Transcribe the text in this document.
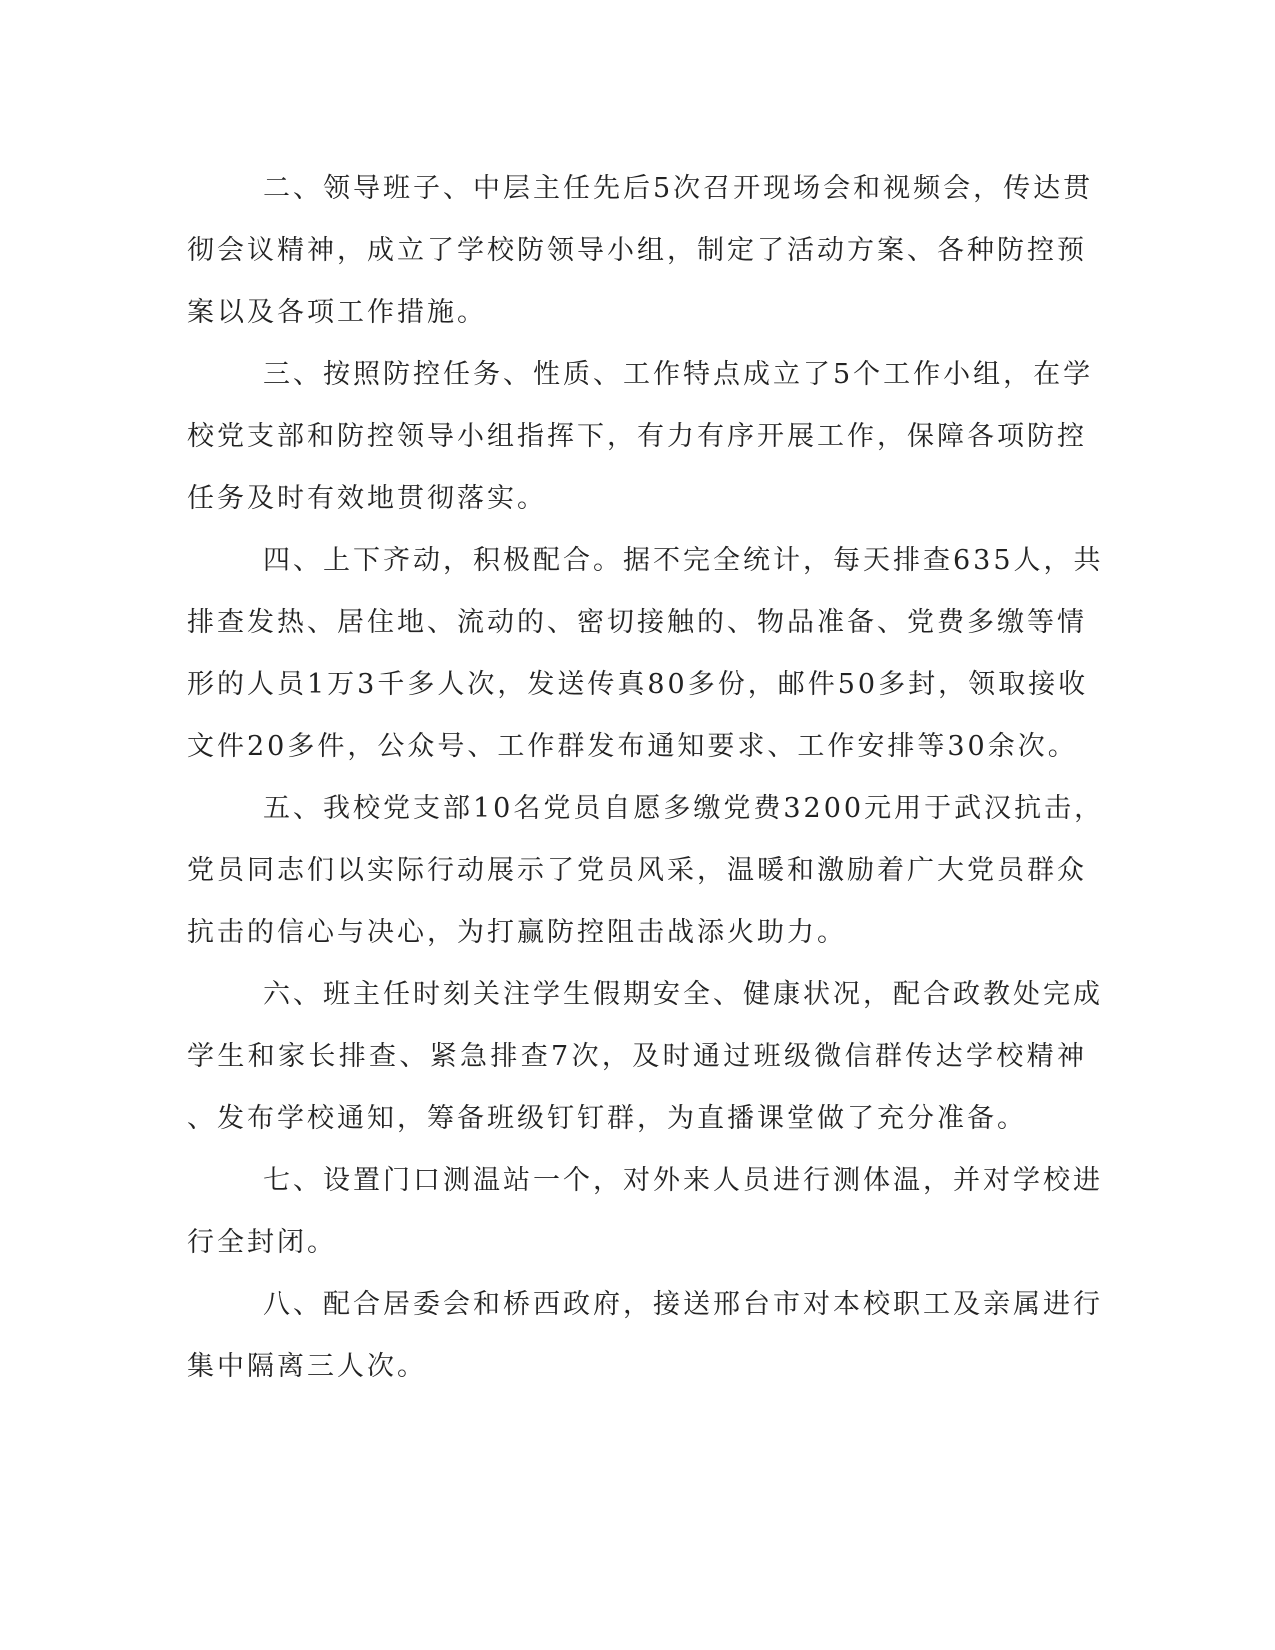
二、领导班子、中层主任先后5次召开现场会和视频会，传达贯
彻会议精神，成立了学校防领导小组，制定了活动方案、各种防控预
案以及各项工作措施。

三、按照防控任务、性质、工作特点成立了5个工作小组，在学
校党支部和防控领导小组指挥下，有力有序开展工作，保障各项防控
任务及时有效地贯彻落实。

四、上下齐动，积极配合。据不完全统计，每天排查635人，共
排查发热、居住地、流动的、密切接触的、物品准备、党费多缴等情
形的人员1万3千多人次，发送传真80多份，邮件50多封，领取接收
文件20多件，公众号、工作群发布通知要求、工作安排等30余次。

五、我校党支部10名党员自愿多缴党费3200元用于武汉抗击，
党员同志们以实际行动展示了党员风采，温暖和激励着广大党员群众
抗击的信心与决心，为打赢防控阻击战添火助力。

六、班主任时刻关注学生假期安全、健康状况，配合政教处完成
学生和家长排查、紧急排查7次，及时通过班级微信群传达学校精神
、发布学校通知，筹备班级钉钉群，为直播课堂做了充分准备。

七、设置门口测温站一个，对外来人员进行测体温，并对学校进
行全封闭。

八、配合居委会和桥西政府，接送邢台市对本校职工及亲属进行
集中隔离三人次。
